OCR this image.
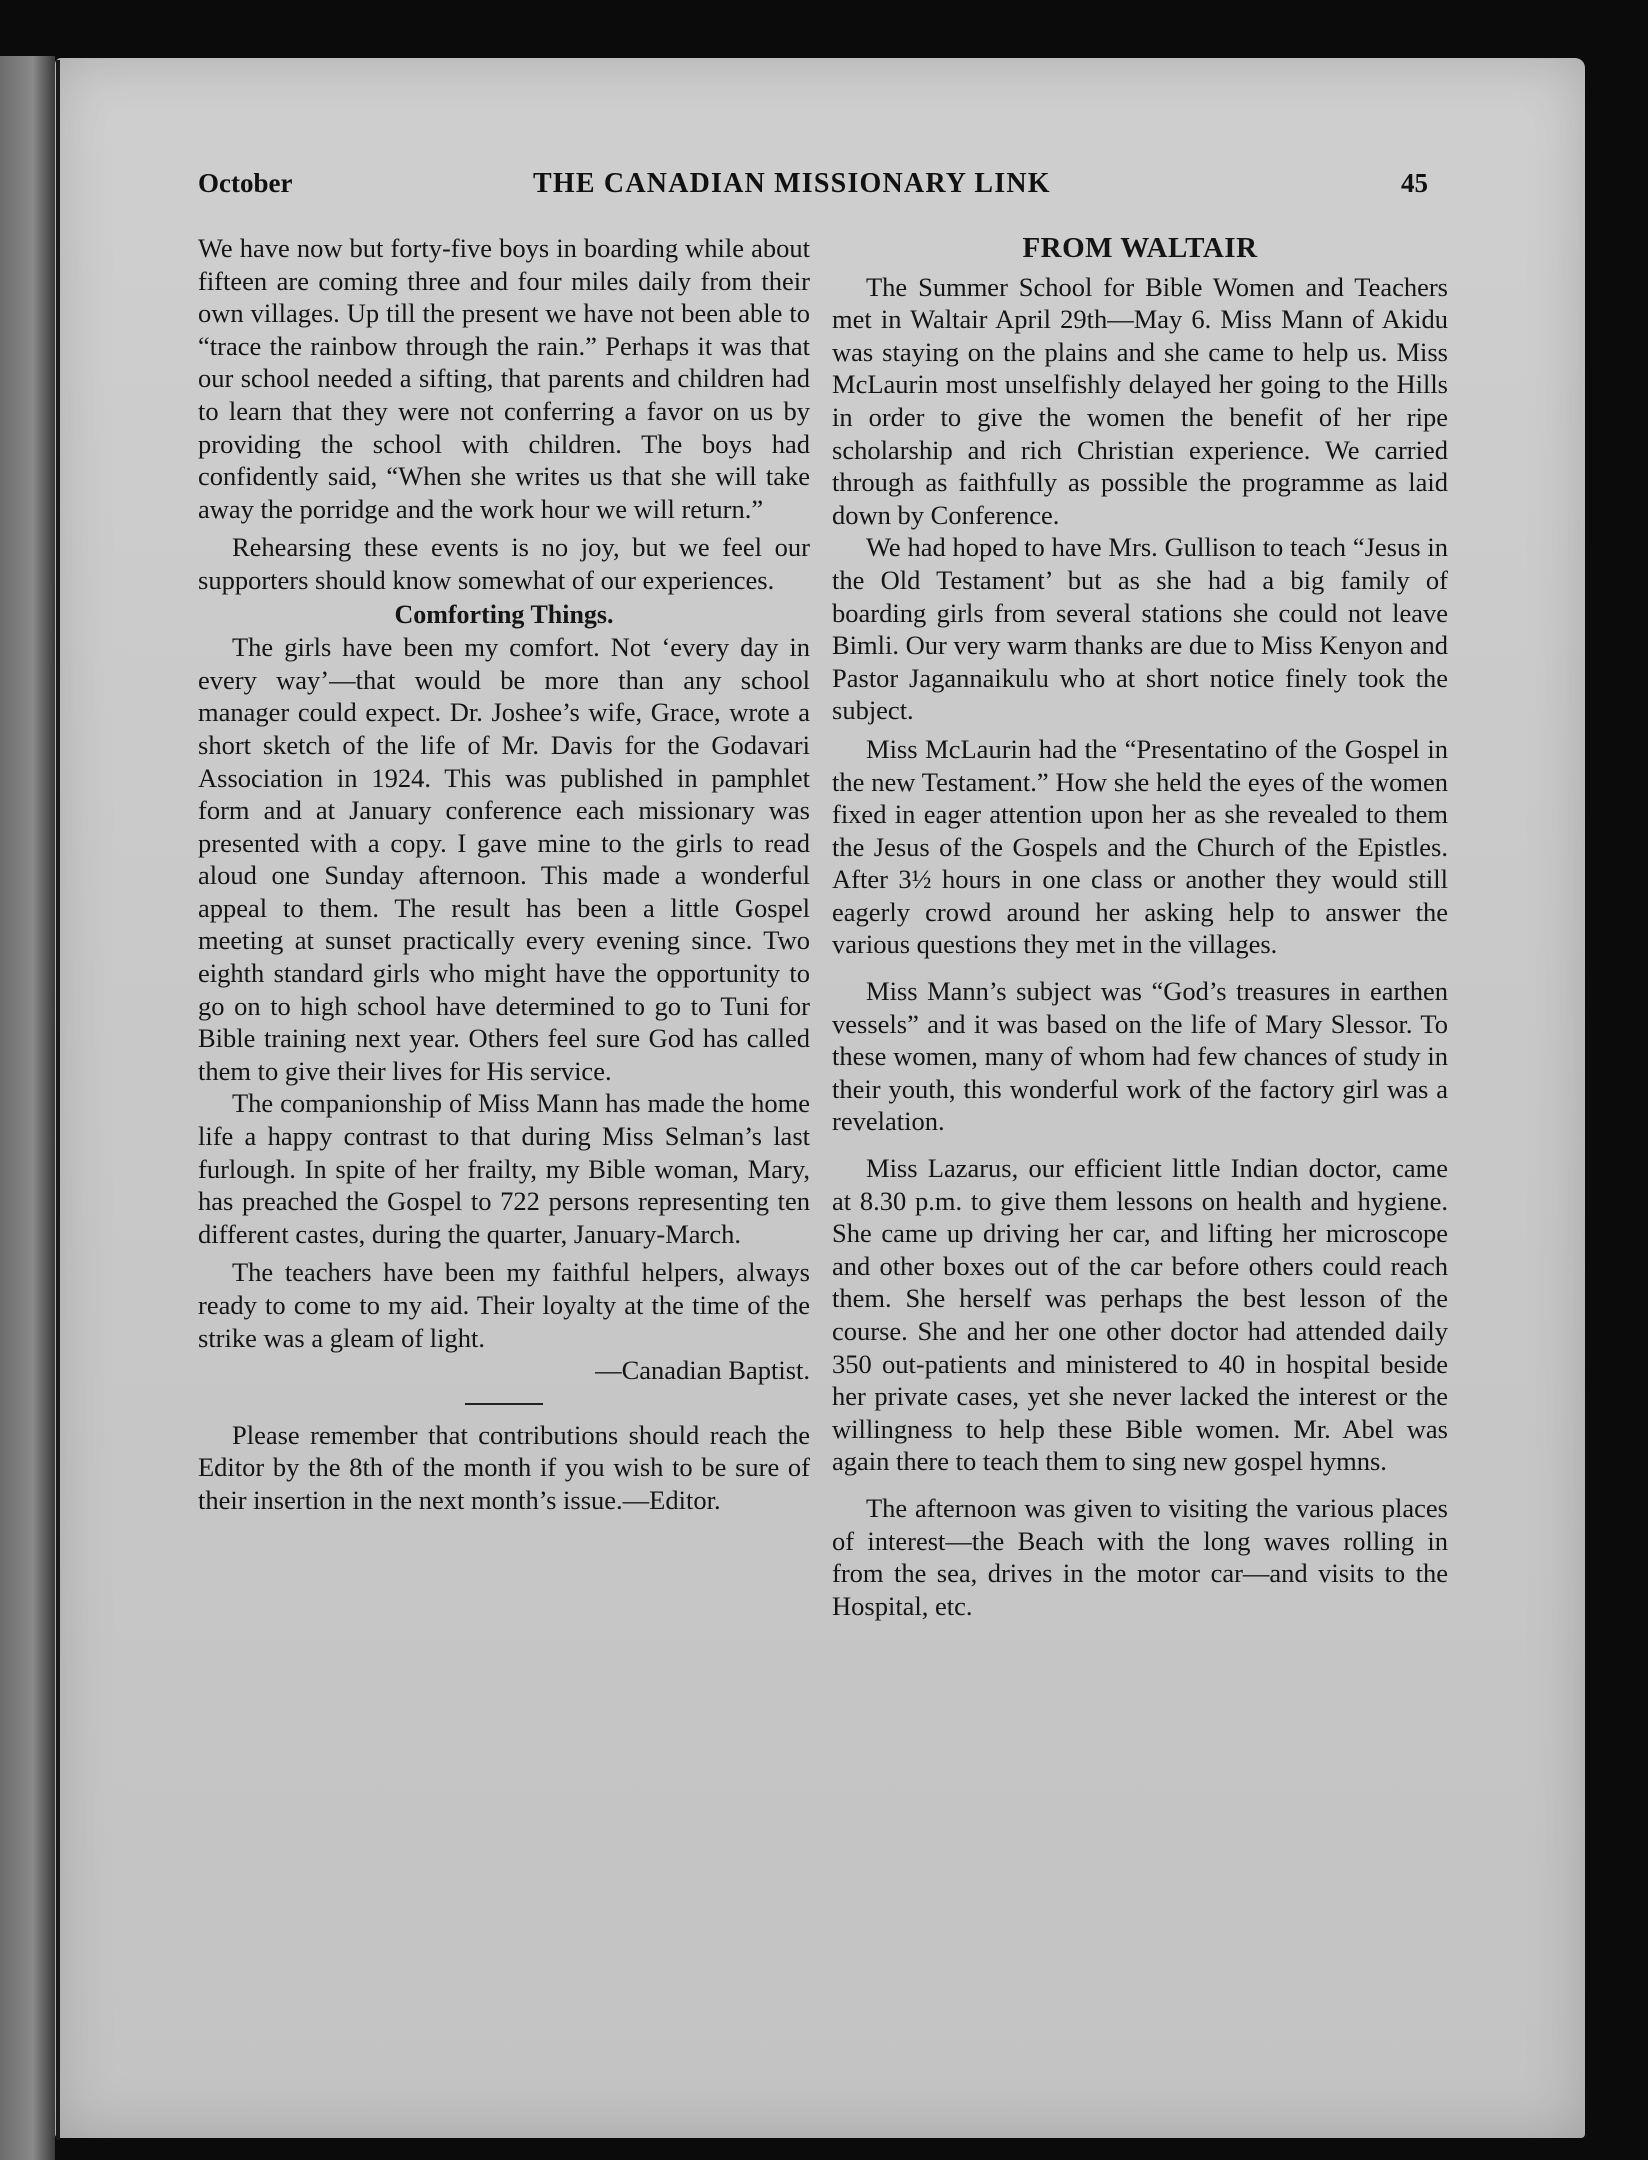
October	THE CANADIAN MISSIONARY LINK	45

We have now but forty-five boys in boarding while about fifteen are coming three and four miles daily from their own villages. Up till the present we have not been able to “trace the rainbow through the rain.” Perhaps it was that our school needed a sifting, that parents and children had to learn that they were not conferring a favor on us by providing the school with children. The boys had confidently said, “When she writes us that she will take away the porridge and the work hour we will return.”

Rehearsing these events is no joy, but we feel our supporters should know somewhat of our experiences.

Comforting Things.

The girls have been my comfort. Not ‘every day in every way’—that would be more than any school manager could expect. Dr. Joshee’s wife, Grace, wrote a short sketch of the life of Mr. Davis for the Godavari Association in 1924. This was published in pamphlet form and at January conference each missionary was presented with a copy. I gave mine to the girls to read aloud one Sunday afternoon. This made a wonderful appeal to them. The result has been a little Gospel meeting at sunset practically every evening since. Two eighth standard girls who might have the opportunity to go on to high school have determined to go to Tuni for Bible training next year. Others feel sure God has called them to give their lives for His service.

The companionship of Miss Mann has made the home life a happy contrast to that during Miss Selman’s last furlough. In spite of her frailty, my Bible woman, Mary, has preached the Gospel to 722 persons representing ten different castes, during the quarter, January-March.

The teachers have been my faithful helpers, always ready to come to my aid. Their loyalty at the time of the strike was a gleam of light.

—Canadian Baptist.

Please remember that contributions should reach the Editor by the 8th of the month if you wish to be sure of their insertion in the next month’s issue.—Editor.

FROM WALTAIR

The Summer School for Bible Women and Teachers met in Waltair April 29th—May 6. Miss Mann of Akidu was staying on the plains and she came to help us. Miss McLaurin most unselfishly delayed her going to the Hills in order to give the women the benefit of her ripe scholarship and rich Christian experience. We carried through as faithfully as possible the programme as laid down by Conference.

We had hoped to have Mrs. Gullison to teach “Jesus in the Old Testament’ but as she had a big family of boarding girls from several stations she could not leave Bimli. Our very warm thanks are due to Miss Kenyon and Pastor Jagannaikulu who at short notice finely took the subject.

Miss McLaurin had the “Presentatino of the Gospel in the new Testament.” How she held the eyes of the women fixed in eager attention upon her as she revealed to them the Jesus of the Gospels and the Church of the Epistles. After 3½ hours in one class or another they would still eagerly crowd around her asking help to answer the various questions they met in the villages.

Miss Mann’s subject was “God’s treasures in earthen vessels” and it was based on the life of Mary Slessor. To these women, many of whom had few chances of study in their youth, this wonderful work of the factory girl was a revelation.

Miss Lazarus, our efficient little Indian doctor, came at 8.30 p.m. to give them lessons on health and hygiene. She came up driving her car, and lifting her microscope and other boxes out of the car before others could reach them. She herself was perhaps the best lesson of the course. She and her one other doctor had attended daily 350 out-patients and ministered to 40 in hospital beside her private cases, yet she never lacked the interest or the willingness to help these Bible women. Mr. Abel was again there to teach them to sing new gospel hymns.

The afternoon was given to visiting the various places of interest—the Beach with the long waves rolling in from the sea, drives in the motor car—and visits to the Hospital, etc.
